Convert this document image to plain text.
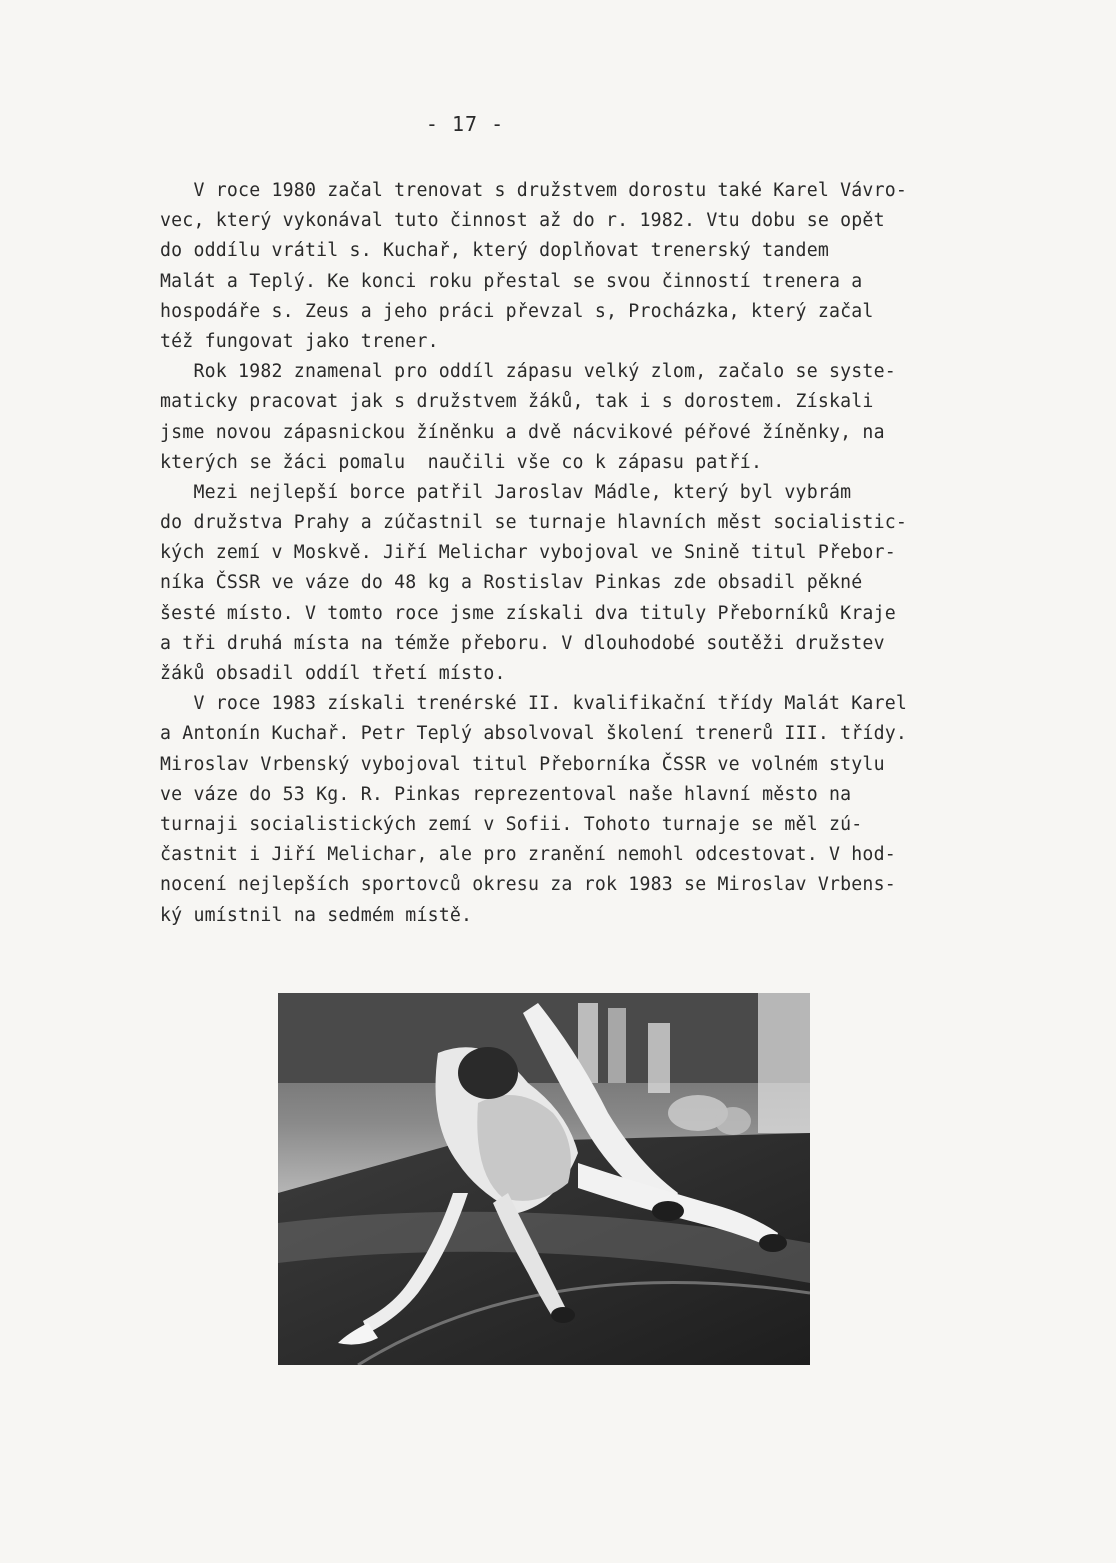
- 17 -
V roce 1980 začal trenovat s družstvem dorostu také Karel Vávro-
vec, který vykonával tuto činnost až do r. 1982. Vtu dobu se opět
do oddílu vrátil s. Kuchař, který doplňovat trenerský tandem
Malát a Teplý. Ke konci roku přestal se svou činností trenera a
hospodáře s. Zeus a jeho práci převzal s, Procházka, který začal
též fungovat jako trener.
Rok 1982 znamenal pro oddíl zápasu velký zlom, začalo se syste-
maticky pracovat jak s družstvem žáků, tak i s dorostem. Získali
jsme novou zápasnickou žíněnku a dvě nácvikové péřové žíněnky, na
kterých se žáci pomalu  naučili vše co k zápasu patří.
Mezi nejlepší borce patřil Jaroslav Mádle, který byl vybrám
do družstva Prahy a zúčastnil se turnaje hlavních měst socialistic-
kých zemí v Moskvě. Jiří Melichar vybojoval ve Snině titul Přebor-
níka ČSSR ve váze do 48 kg a Rostislav Pinkas zde obsadil pěkné
šesté místo. V tomto roce jsme získali dva tituly Přeborníků Kraje
a tři druhá místa na témže přeboru. V dlouhodobé soutěži družstev
žáků obsadil oddíl třetí místo.
V roce 1983 získali trenérské II. kvalifikační třídy Malát Karel
a Antonín Kuchař. Petr Teplý absolvoval školení trenerů III. třídy.
Miroslav Vrbenský vybojoval titul Přeborníka ČSSR ve volném stylu
ve váze do 53 Kg. R. Pinkas reprezentoval naše hlavní město na
turnaji socialistických zemí v Sofii. Tohoto turnaje se měl zú-
častnit i Jiří Melichar, ale pro zranění nemohl odcestovat. V hod-
nocení nejlepších sportovců okresu za rok 1983 se Miroslav Vrbens-
ký umístnil na sedmém místě.
